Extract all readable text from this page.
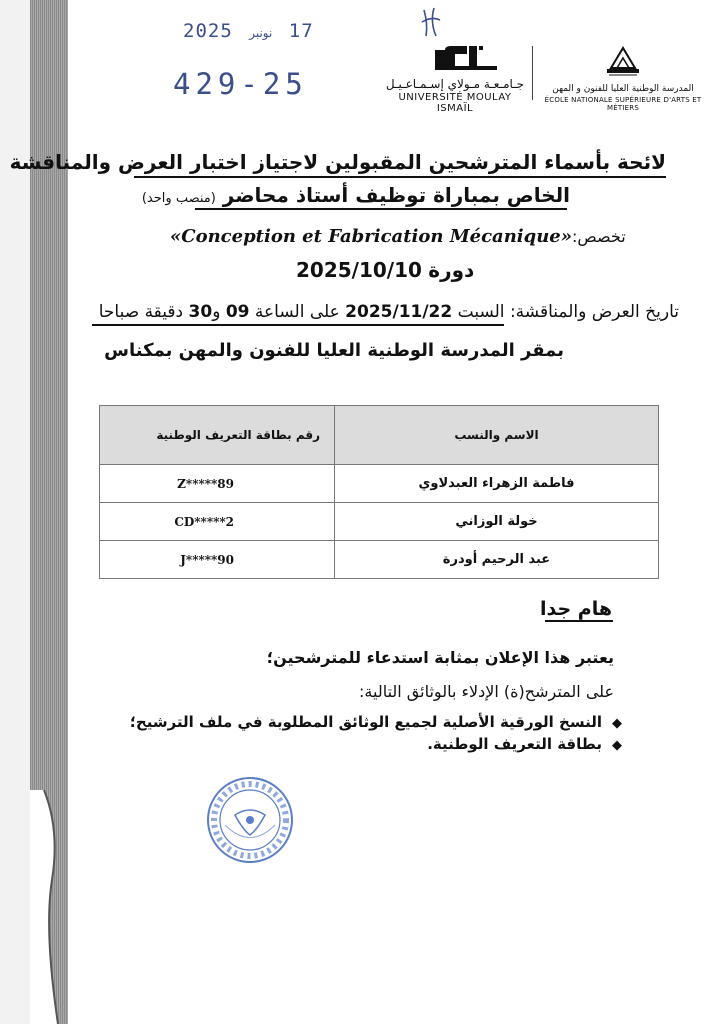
17 نونبر 2025
429-25	جـامـعـة مـولاي إسـمـاعـيـل
UNIVERSITÉ MOULAY ISMAÏL
المدرسة الوطنية العليا للفنون و المهن
ÉCOLE NATIONALE SUPÉRIEURE D'ARTS ET MÉTIERS
لائحة بأسماء المترشحين المقبولين لاجتياز اختبار العرض والمناقشة
الخاص بمباراة توظيف أستاذ محاضر (منصب واحد)
«Conception et Fabrication Mécanique»تخصص:
2025/10/10 دورة
تاريخ العرض والمناقشة: السبت 2025/11/22 على الساعة 09 و30 دقيقة صباحا
بمقر المدرسة الوطنية العليا للفنون والمهن بمكناس
الاسم والنسب	رقم بطاقة التعريف الوطنية
فاطمة الزهراء العبدلاوي	Z*****89
خولة الوزاني	CD*****2
عبد الرحيم أودرة	J*****90
هام جدا
يعتبر هذا الإعلان بمثابة استدعاء للمترشحين؛
على المترشح(ة) الإدلاء بالوثائق التالية:
◆النسخ الورقية الأصلية لجميع الوثائق المطلوبة في ملف الترشيح؛
◆بطاقة التعريف الوطنية.
